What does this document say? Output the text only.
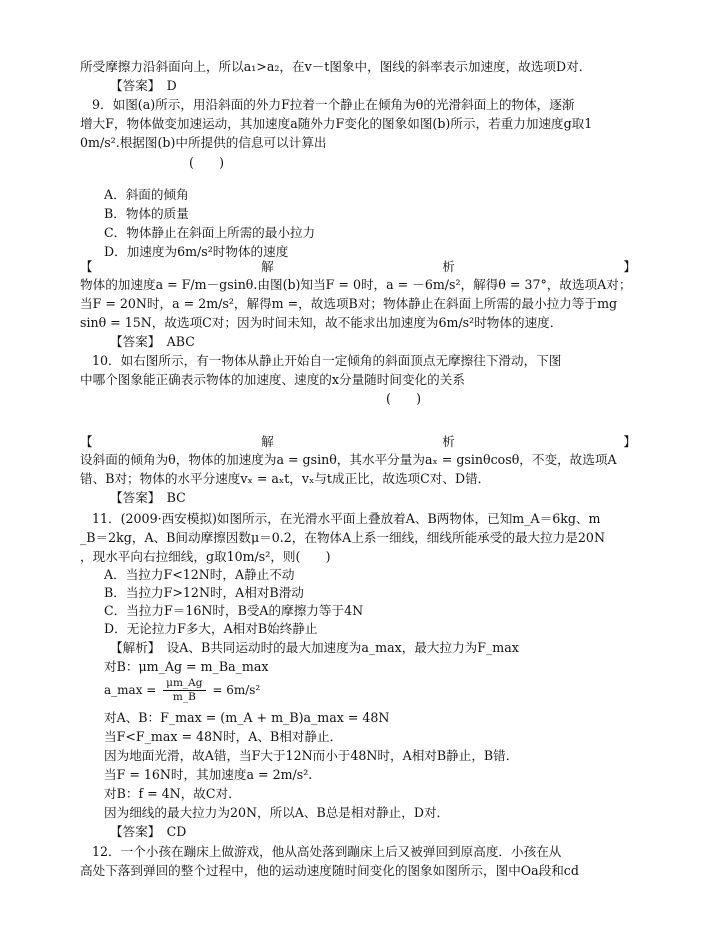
所受摩擦力沿斜面向上，所以a₁>a₂，在v－t图象中，图线的斜率表示加速度，故选项D对．
【答案】　D
9．如图(a)所示，用沿斜面的外力F拉着一个静止在倾角为θ的光滑斜面上的物体，逐渐
增大F，物体做变加速运动，其加速度a随外力F变化的图象如图(b)所示，若重力加速度g取1
0m/s².根据图(b)中所提供的信息可以计算出
(　　)
A．斜面的倾角
B．物体的质量
C．物体静止在斜面上所需的最小拉力
D．加速度为6m/s²时物体的速度
【	解	析	】
物体的加速度a = F/m－gsinθ.由图(b)知当F = 0时，a = －6m/s²，解得θ = 37°，故选项A对；
当F = 20N时，a = 2m/s²，解得m =，故选项B对；物体静止在斜面上所需的最小拉力等于mg
sinθ = 15N，故选项C对；因为时间未知，故不能求出加速度为6m/s²时物体的速度．
【答案】　ABC
10．如右图所示，有一物体从静止开始自一定倾角的斜面顶点无摩擦往下滑动，下图
中哪个图象能正确表示物体的加速度、速度的x分量随时间变化的关系
(　　)
【	解	析	】
设斜面的倾角为θ，物体的加速度为a = gsinθ，其水平分量为aₓ = gsinθcosθ，不变，故选项A
错、B对；物体的水平分速度vₓ = aₓt，vₓ与t成正比，故选项C对、D错．
【答案】　BC
11．(2009·西安模拟)如图所示，在光滑水平面上叠放着A、B两物体，已知m_A＝6kg、m
_B＝2kg，A、B间动摩擦因数μ＝0.2，在物体A上系一细线，细线所能承受的最大拉力是20N
，现水平向右拉细线，g取10m/s²，则(　　)
A．当拉力F<12N时，A静止不动
B．当拉力F>12N时，A相对B滑动
C．当拉力F＝16N时，B受A的摩擦力等于4N
D．无论拉力F多大，A相对B始终静止
【解析】　设A、B共同运动时的最大加速度为a_max，最大拉力为F_max
对B：μm_Ag = m_Ba_max
a_max = $\frac{\mu m\_Ag}{m\_B} = 6m/s^2$
对A、B：F_max = (m_A + m_B)a_max = 48N
当F<F_max = 48N时，A、B相对静止．
因为地面光滑，故A错，当F大于12N而小于48N时，A相对B静止，B错．
当F = 16N时，其加速度a = 2m/s².
对B：f = 4N，故C对．
因为细线的最大拉力为20N，所以A、B总是相对静止，D对．
【答案】　CD
12．一个小孩在蹦床上做游戏，他从高处落到蹦床上后又被弹回到原高度．小孩在从
高处下落到弹回的整个过程中，他的运动速度随时间变化的图象如图所示，图中Oa段和cd
